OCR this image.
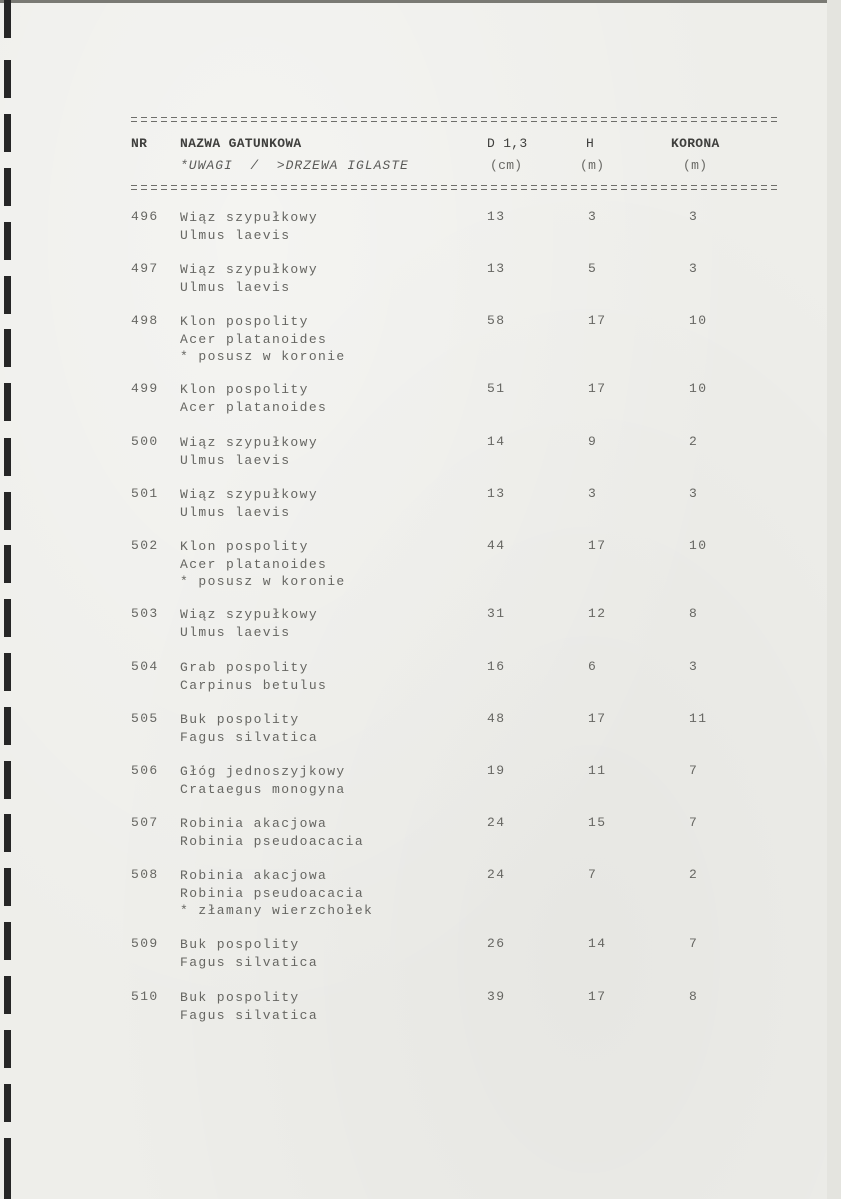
NR	NAZWA GATUNKOWA	D 1,3	H	KORONA
*UWAGI  /  >DRZEWA IGLASTE	(cm)	(m)	(m)
496 Wiąz szypułkowy
Ulmus laevis
13	3	3
497 Wiąz szypułkowy
Ulmus laevis
13	5	3
498 Klon pospolity
Acer platanoides
* posusz w koronie
58	17	10
499 Klon pospolity
Acer platanoides
51	17	10
500 Wiąz szypułkowy
Ulmus laevis
14	9	2
501 Wiąz szypułkowy
Ulmus laevis
13	3	3
502 Klon pospolity
Acer platanoides
* posusz w koronie
44	17	10
503 Wiąz szypułkowy
Ulmus laevis
31	12	8
504 Grab pospolity
Carpinus betulus
16	6	3
505 Buk pospolity
Fagus silvatica
48	17	11
506 Głóg jednoszyjkowy
Crataegus monogyna
19	11	7
507 Robinia akacjowa
Robinia pseudoacacia
24	15	7
508 Robinia akacjowa
Robinia pseudoacacia
* złamany wierzchołek
24	7	2
509 Buk pospolity
Fagus silvatica
26	14	7
510 Buk pospolity
Fagus silvatica
39	17	8
